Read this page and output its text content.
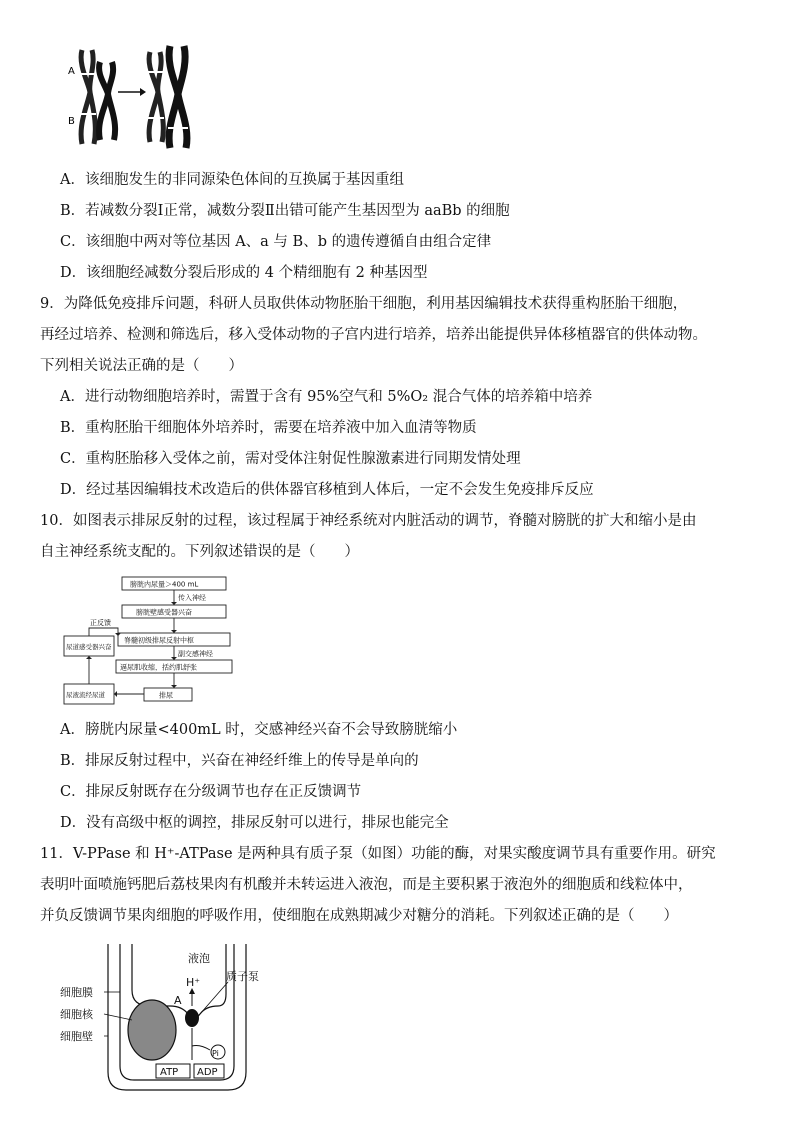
A
B
A．该细胞发生的非同源染色体间的互换属于基因重组
B．若减数分裂Ⅰ正常，减数分裂Ⅱ出错可能产生基因型为 aaBb 的细胞
C．该细胞中两对等位基因 A、a 与 B、b 的遗传遵循自由组合定律
D．该细胞经减数分裂后形成的 4 个精细胞有 2 种基因型
9．为降低免疫排斥问题，科研人员取供体动物胚胎干细胞，利用基因编辑技术获得重构胚胎干细胞，
再经过培养、检测和筛选后，移入受体动物的子宫内进行培养，培养出能提供异体移植器官的供体动物。
下列相关说法正确的是（　　）
A．进行动物细胞培养时，需置于含有 95%空气和 5%O₂ 混合气体的培养箱中培养
B．重构胚胎干细胞体外培养时，需要在培养液中加入血清等物质
C．重构胚胎移入受体之前，需对受体注射促性腺激素进行同期发情处理
D．经过基因编辑技术改造后的供体器官移植到人体后，一定不会发生免疫排斥反应
10．如图表示排尿反射的过程，该过程属于神经系统对内脏活动的调节，脊髓对膀胱的扩大和缩小是由
自主神经系统支配的。下列叙述错误的是（　　）
膀胱内尿量＞400 mL
膀胱壁感受器兴奋
传入神经
脊髓初级排尿反射中枢
副交感神经
逼尿肌收缩，括约肌舒张
排尿
正反馈
尿道感受器兴奋
尿液流经尿道
A．膀胱内尿量<400mL 时，交感神经兴奋不会导致膀胱缩小
B．排尿反射过程中，兴奋在神经纤维上的传导是单向的
C．排尿反射既存在分级调节也存在正反馈调节
D．没有高级中枢的调控，排尿反射可以进行，排尿也能完全
11．V-PPase 和 H⁺-ATPase 是两种具有质子泵（如图）功能的酶，对果实酸度调节具有重要作用。研究
表明叶面喷施钙肥后荔枝果肉有机酸并未转运进入液泡，而是主要积累于液泡外的细胞质和线粒体中，
并负反馈调节果肉细胞的呼吸作用，使细胞在成熟期减少对糖分的消耗。下列叙述正确的是（　　）
液泡
H⁺ 质子泵
A
Pi
ATP ADP
细胞膜
细胞核
细胞壁
